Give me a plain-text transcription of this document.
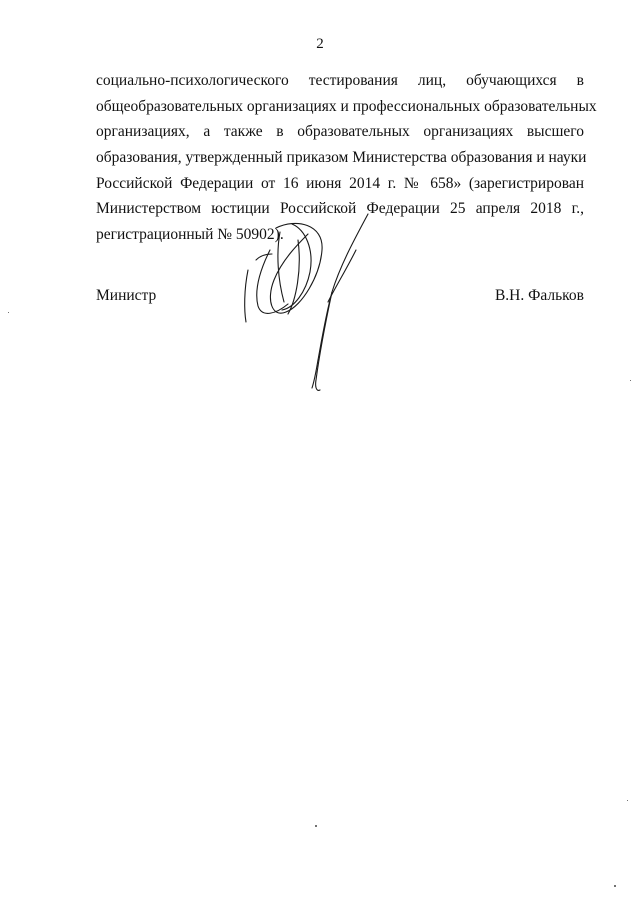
2
социально-психологического тестирования лиц, обучающихся в
общеобразовательных организациях и профессиональных образовательных
организациях, а также в образовательных организациях высшего
образования, утвержденный приказом Министерства образования и науки
Российской Федерации от 16 июня 2014 г. № 658» (зарегистрирован
Министерством юстиции Российской Федерации 25 апреля 2018 г.,
регистрационный № 50902).
Министр	В.Н. Фальков
